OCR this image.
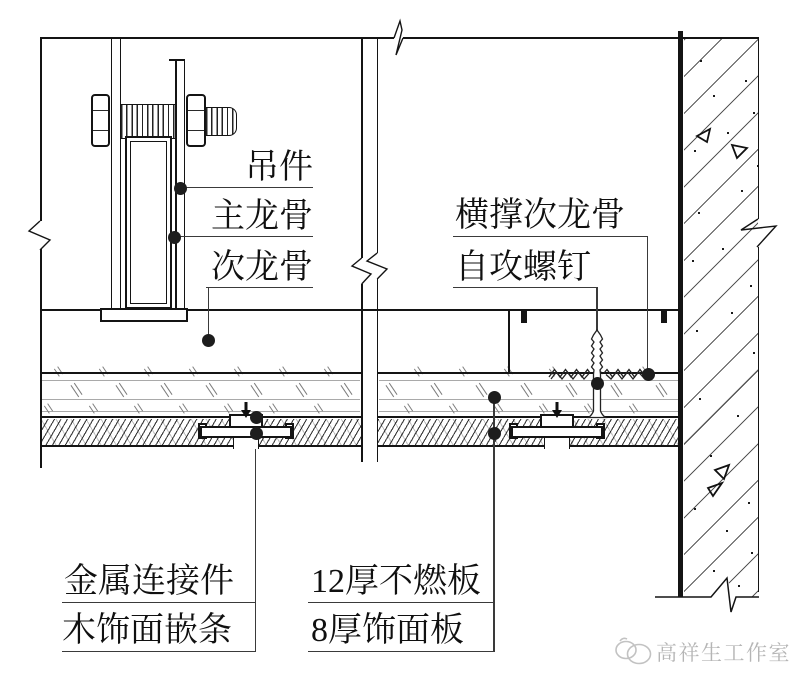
吊件
主龙骨
次龙骨
横撑次龙骨
自攻螺钉
金属连接件
木饰面嵌条
12厚不燃板
8厚饰面板
高祥生工作室
